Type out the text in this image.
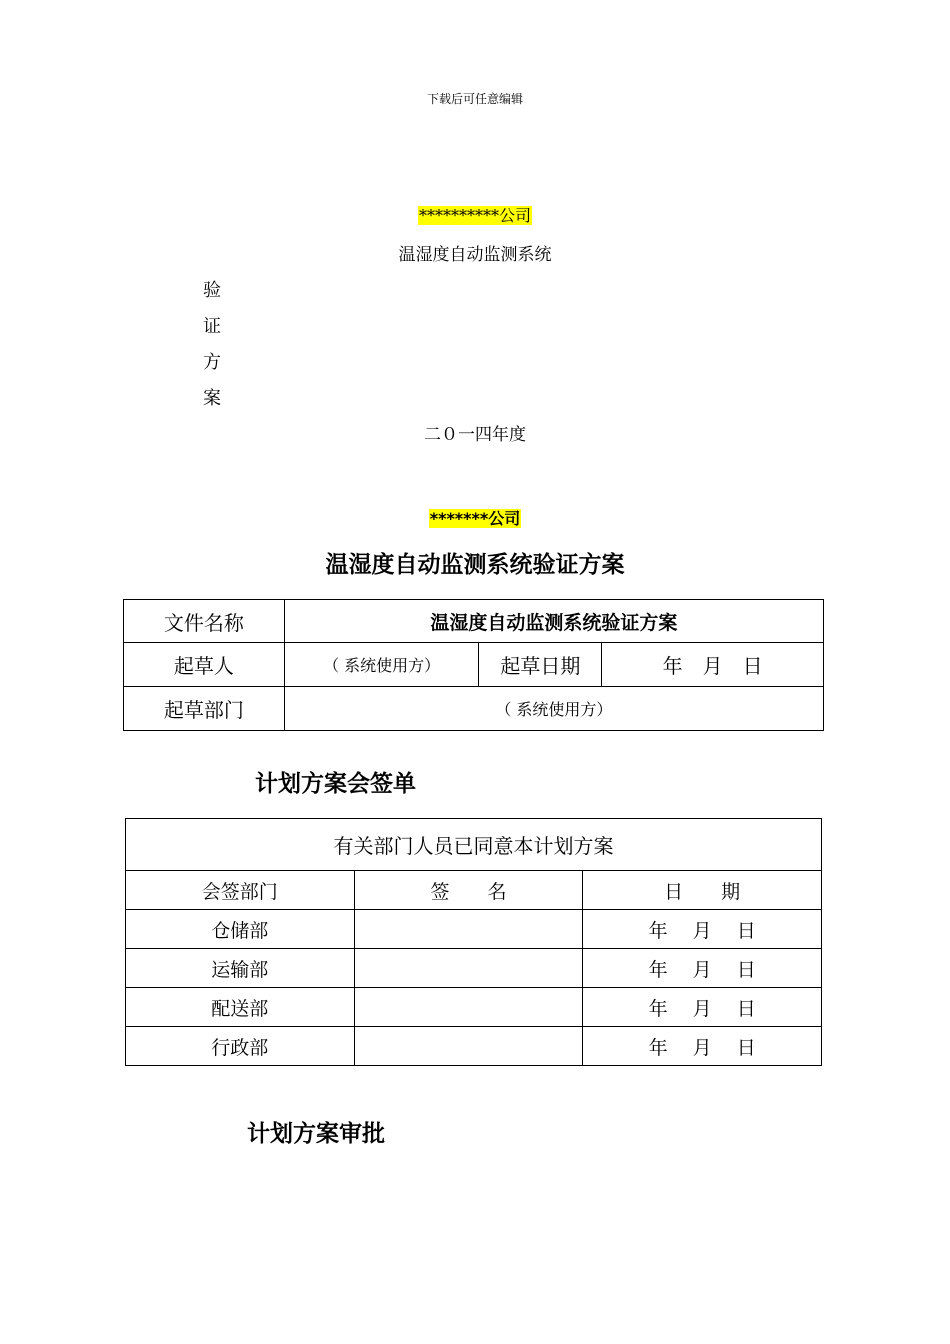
下载后可任意编辑
**********公司
温湿度自动监测系统
验
证
方
案
二０一四年度
*******公司
温湿度自动监测系统验证方案
文件名称	温湿度自动监测系统验证方案		
起草人	（ 系统使用方）	起草日期	年　月　日
起草部门	（ 系统使用方）		
计划方案会签单
有关部门人员已同意本计划方案		
会签部门	签　　名	日　　期
仓储部		年　 月　 日
运输部		年　 月　 日
配送部		年　 月　 日
行政部		年　 月　 日
计划方案审批
